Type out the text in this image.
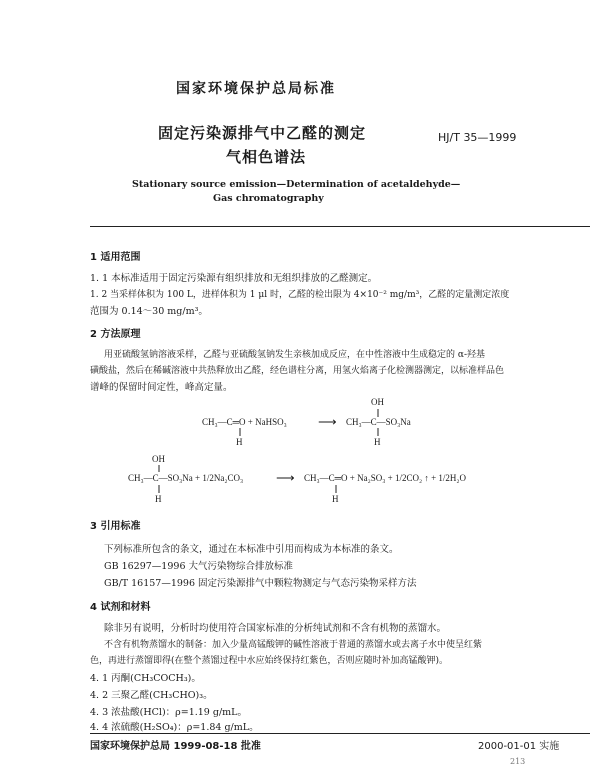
国家环境保护总局标准
固定污染源排气中乙醛的测定	HJ/T 35—1999
气相色谱法
Stationary source emission—Determination of acetaldehyde—
Gas chromatography
1 适用范围
1. 1 本标准适用于固定污染源有组织排放和无组织排放的乙醛测定。
1. 2 当采样体积为 100 L，进样体积为 1 μl 时，乙醛的检出限为 4×10⁻² mg/m³，乙醛的定量测定浓度
范围为 0.14～30 mg/m³。
2 方法原理
用亚硫酸氢钠溶液采样，乙醛与亚硫酸氢钠发生亲核加成反应，在中性溶液中生成稳定的 α-羟基
磺酸盐，然后在稀碱溶液中共热释放出乙醛，经色谱柱分离，用氢火焰离子化检测器测定，以标准样品色
谱峰的保留时间定性，峰高定量。
OH
CH₃—C═O + NaHSO₃ ⟶ CH₃—C—SO₃Na
H	H
OH
CH₃—C—SO₃Na + 1/2Na₂CO₃	⟶ CH₃—C═O + Na₂SO₃ + 1/2CO₂ ↑ + 1/2H₂O
H	H
3 引用标准
下列标准所包含的条文，通过在本标准中引用而构成为本标准的条文。
GB 16297—1996 大气污染物综合排放标准
GB/T 16157—1996 固定污染源排气中颗粒物测定与气态污染物采样方法
4 试剂和材料
除非另有说明，分析时均使用符合国家标准的分析纯试剂和不含有机物的蒸馏水。
不含有机物蒸馏水的制备：加入少量高锰酸钾的碱性溶液于普通的蒸馏水或去离子水中使呈红紫
色，再进行蒸馏即得(在整个蒸馏过程中水应始终保持红紫色，否则应随时补加高锰酸钾)。
4. 1 丙酮(CH₃COCH₃)。
4. 2 三聚乙醛(CH₃CHO)₃。
4. 3 浓盐酸(HCl)：ρ=1.19 g/mL。
4. 4 浓硫酸(H₂SO₄)：ρ=1.84 g/mL。
国家环境保护总局 1999-08-18 批准	2000-01-01 实施
213
